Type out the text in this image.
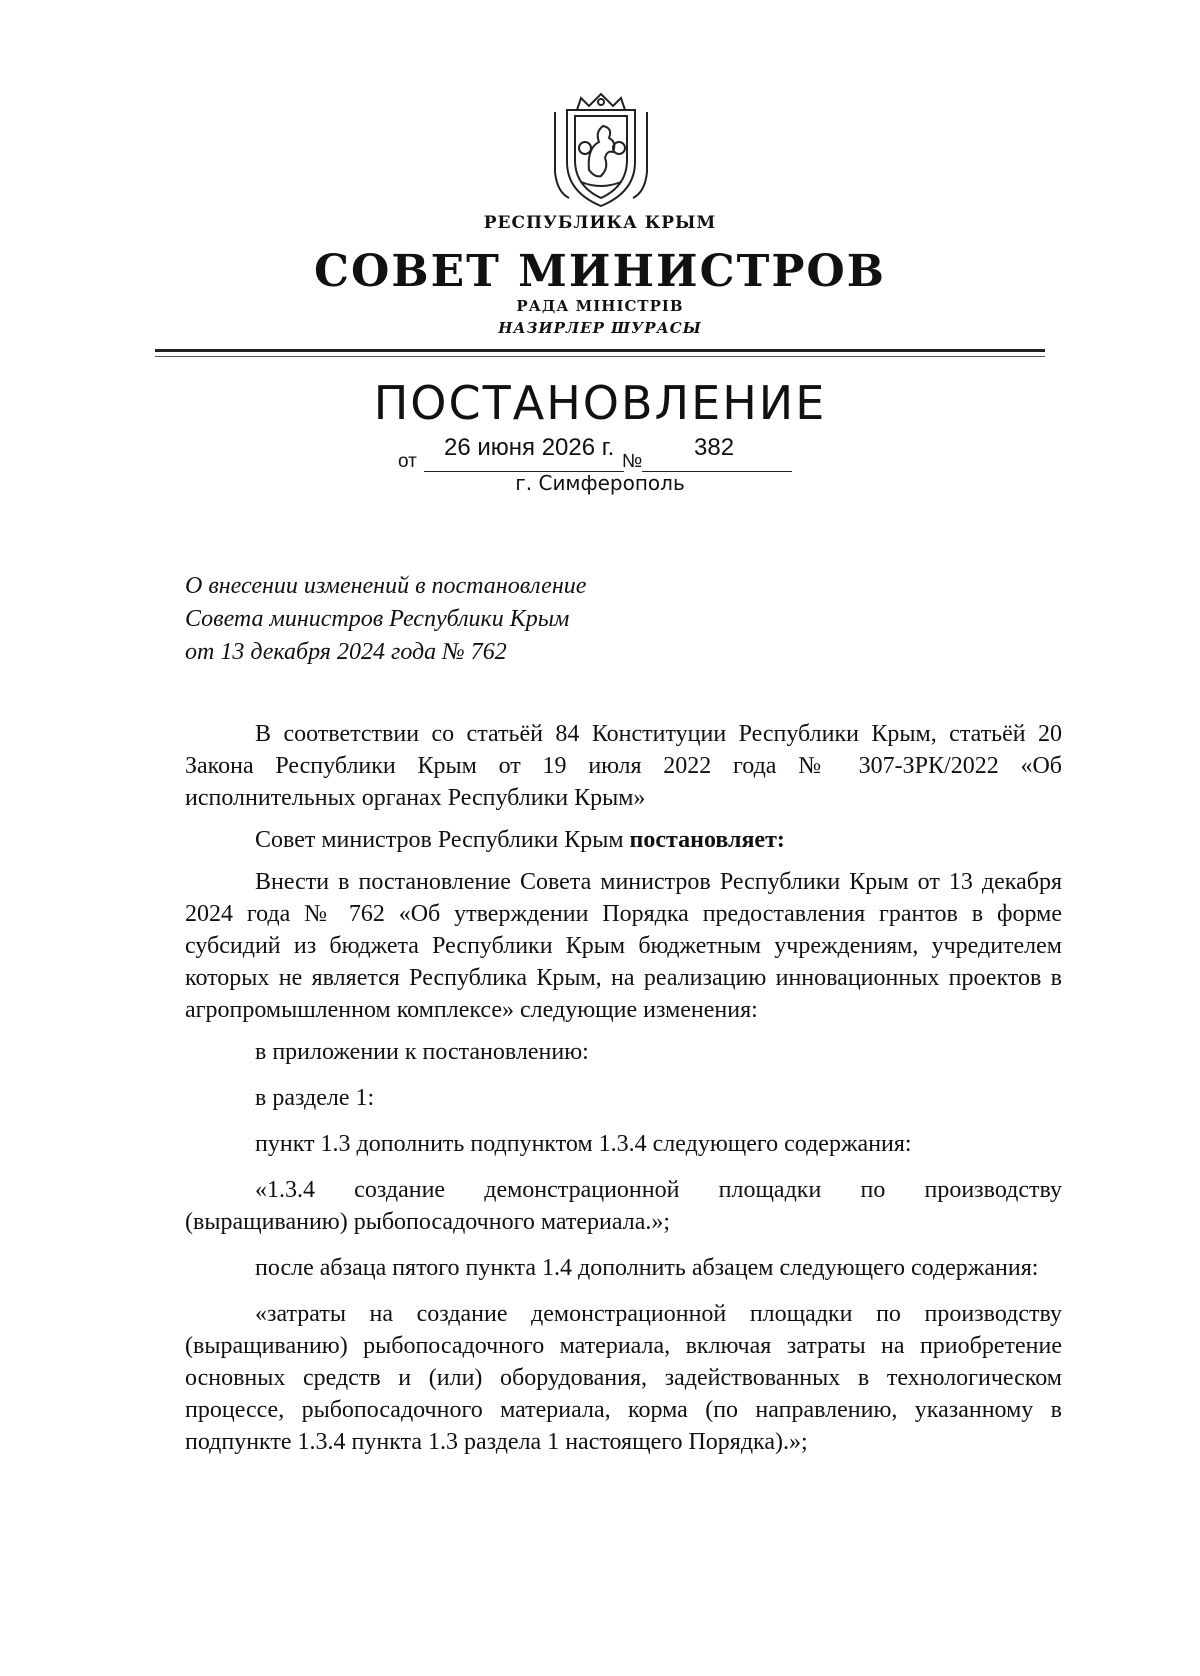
РЕСПУБЛИКА КРЫМ
СОВЕТ МИНИСТРОВ
РАДА МІНІСТРІВ
НАЗИРЛЕР ШУРАСЫ
ПОСТАНОВЛЕНИЕ
от
26 июня 2026 г.
№
382
г. Симферополь
О внесении изменений в постановление
Совета министров Республики Крым
от 13 декабря 2024 года № 762

В соответствии со статьёй 84 Конституции Республики Крым, статьёй 20 Закона Республики Крым от 19 июля 2022 года № 307-ЗРК/2022 «Об исполнительных органах Республики Крым»

Совет министров Республики Крым постановляет:

Внести в постановление Совета министров Республики Крым от 13 декабря 2024 года № 762 «Об утверждении Порядка предоставления грантов в форме субсидий из бюджета Республики Крым бюджетным учреждениям, учредителем которых не является Республика Крым, на реализацию инновационных проектов в агропромышленном комплексе» следующие изменения:

в приложении к постановлению:

в разделе 1:

пункт 1.3 дополнить подпунктом 1.3.4 следующего содержания:

«1.3.4 создание демонстрационной площадки по производству (выращиванию) рыбопосадочного материала.»;

после абзаца пятого пункта 1.4 дополнить абзацем следующего содержания:

«затраты на создание демонстрационной площадки по производству (выращиванию) рыбопосадочного материала, включая затраты на приобретение основных средств и (или) оборудования, задействованных в технологическом процессе, рыбопосадочного материала, корма (по направлению, указанному в подпункте 1.3.4 пункта 1.3 раздела 1 настоящего Порядка).»;
